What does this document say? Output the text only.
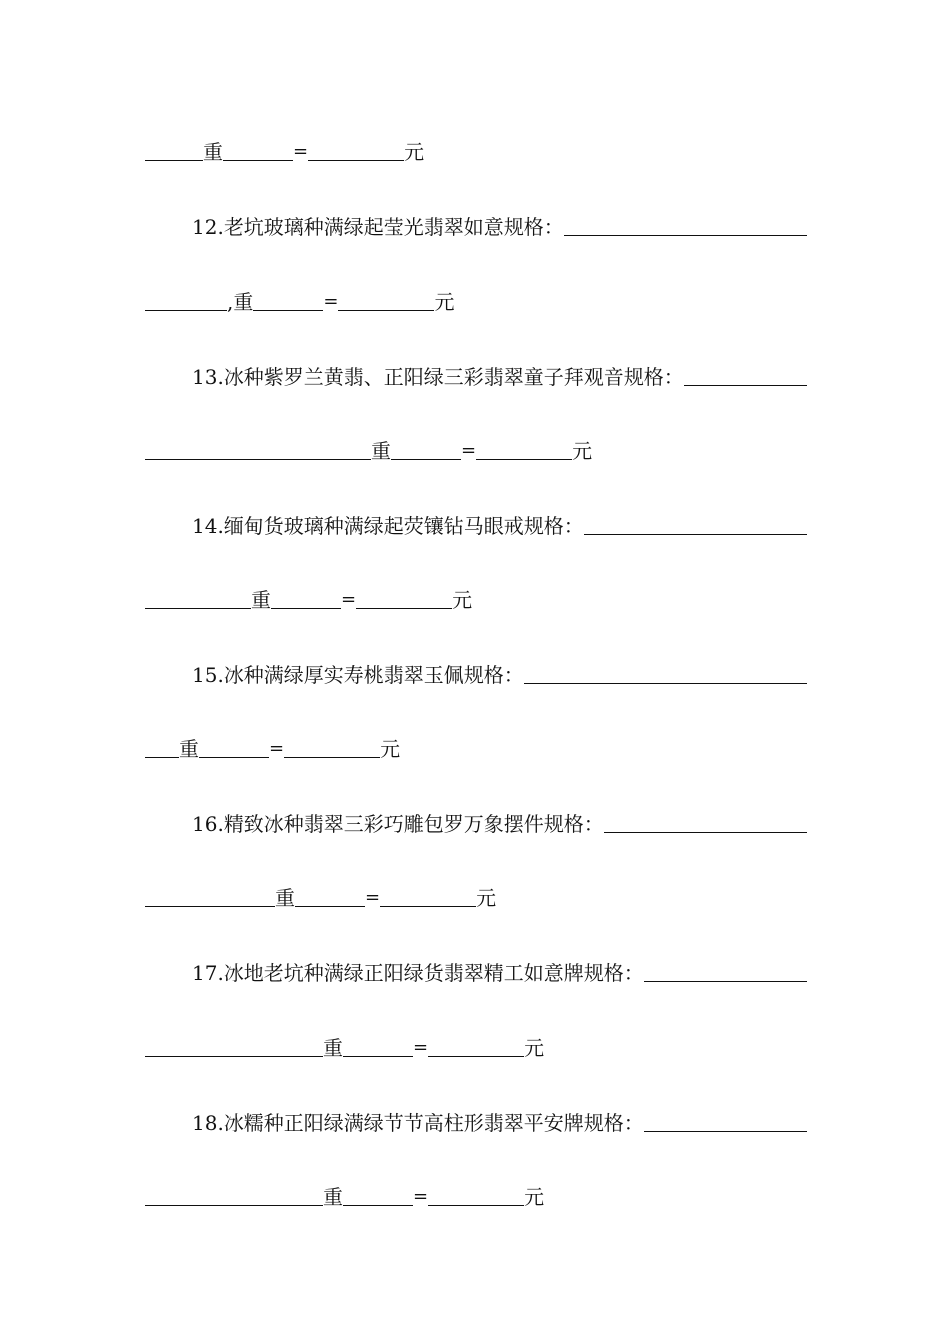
重	=	元
12. 老坑玻璃种满绿起莹光翡翠如意 规格：
, 重	=	元
13. 冰种紫罗兰黄翡、正阳绿三彩翡翠童子拜观音 规格：
重	=	元
14. 缅甸货玻璃种满绿起荧镶钻马眼戒 规格：
重	=	元
15. 冰种满绿厚实寿桃翡翠玉佩 规格：
重	=	元
16. 精致冰种翡翠三彩巧雕包罗万象摆件 规格：
重	=	元
17. 冰地老坑种满绿正阳绿货翡翠精工如意牌 规格：
重	=	元
18. 冰糯种正阳绿满绿节节高柱形翡翠平安牌 规格：
重	=	元
